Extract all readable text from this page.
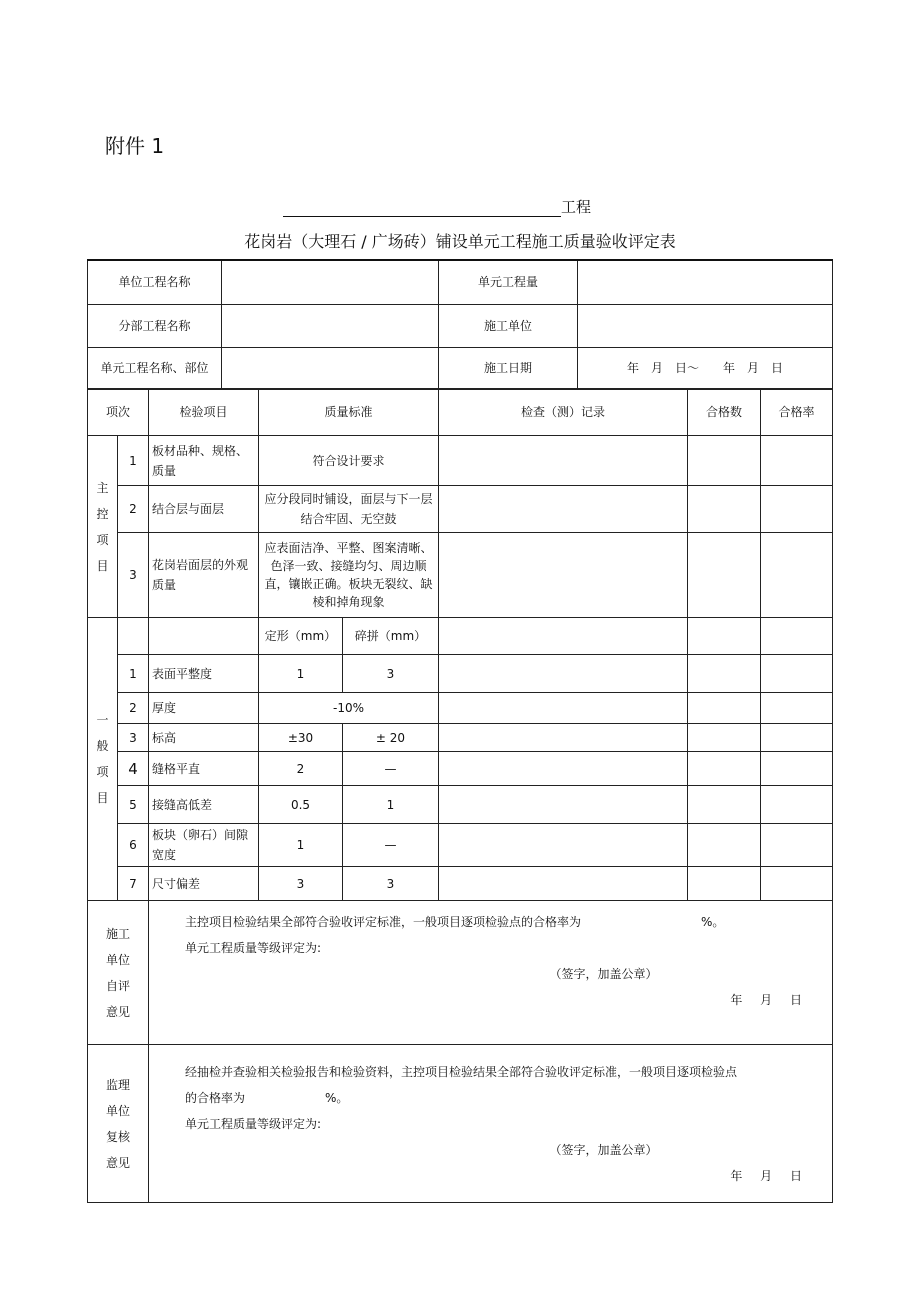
附件 1
工程
花岗岩（大理石 / 广场砖）铺设单元工程施工质量验收评定表
单位工程名称		单元工程量	
分部工程名称		施工单位	
单元工程名称、部位		施工日期	年　月　日～　　年　月　日
项次		检验项目	质量标准		检查（测）记录	合格数	合格率
主控项目	1	板材品种、规格、质量	符合设计要求				
	2	结合层与面层	应分段同时铺设，面层与下一层结合牢固、无空鼓				
	3	花岗岩面层的外观质量	应表面洁净、平整、图案清晰、色泽一致、接缝均匀、周边顺直，镶嵌正确。板块无裂纹、缺棱和掉角现象				
一般项目			定形（mm）	碎拼（mm）			
	1	表面平整度	1	3			
	2	厚度	-10%				
	3	标高	±30	± 20			
	4	缝格平直	2	—			
	5	接缝高低差	0.5	1			
	6	板块（卵石）间隙宽度	1	—			
	7	尺寸偏差	3	3			
施工单位自评意见		主控项目检验结果全部符合验收评定标准，一般项目逐项检验点的合格率为 %。
单元工程质量等级评定为:
（签字，加盖公章）
年 月 日					

监理单位复核意见		经抽检并查验相关检验报告和检验资料，主控项目检验结果全部符合验收评定标准，一般项目逐项检验点的合格率为 %。
单元工程质量等级评定为:
（签字，加盖公章）
年 月 日					
